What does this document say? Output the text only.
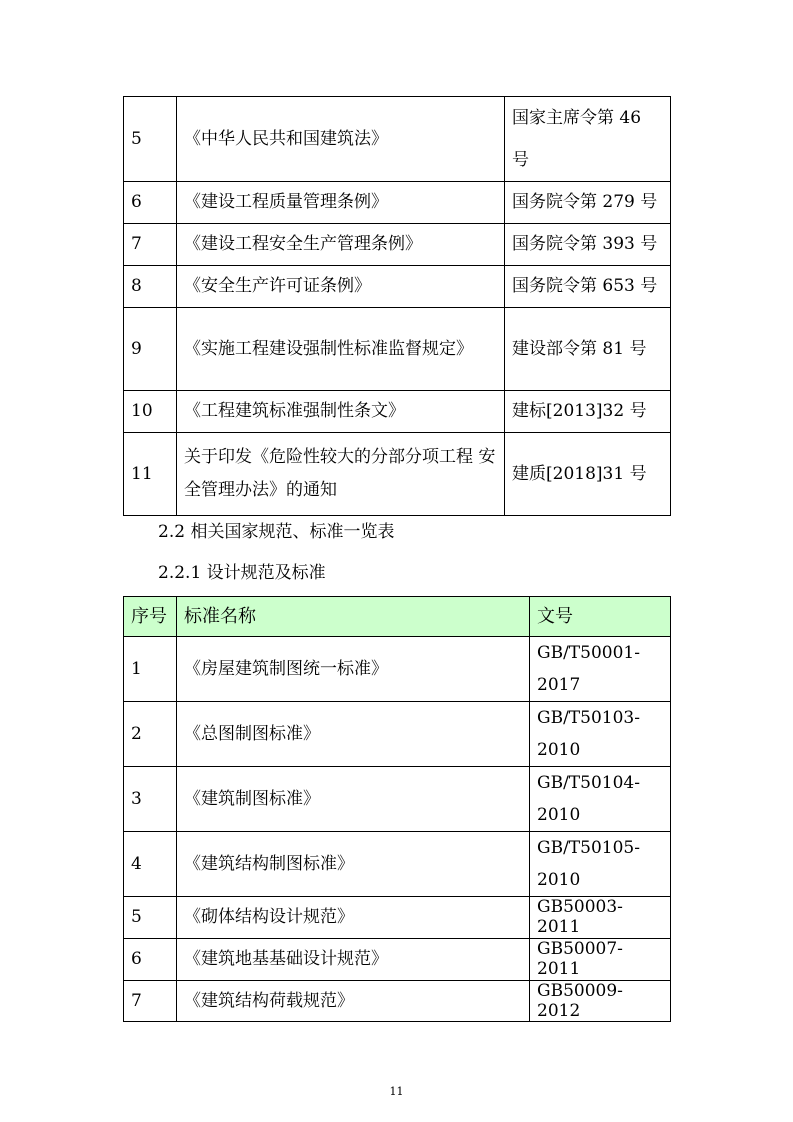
5	《中华人民共和国建筑法》	国家主席令第 46 号
6	《建设工程质量管理条例》	国务院令第 279 号
7	《建设工程安全生产管理条例》	国务院令第 393 号
8	《安全生产许可证条例》	国务院令第 653 号
9	《实施工程建设强制性标准监督规定》	建设部令第 81 号
10	《工程建筑标准强制性条文》	建标[2013]32 号
11	关于印发《危险性较大的分部分项工程 安全管理办法》的通知	建质[2018]31 号
2.2 相关国家规范、标准一览表
2.2.1 设计规范及标准
序号	标准名称	文号
1	《房屋建筑制图统一标准》	GB/T50001-2017
2	《总图制图标准》	GB/T50103-2010
3	《建筑制图标准》	GB/T50104-2010
4	《建筑结构制图标准》	GB/T50105-2010
5	《砌体结构设计规范》	GB50003-2011
6	《建筑地基基础设计规范》	GB50007-2011
7	《建筑结构荷载规范》	GB50009-2012
11
